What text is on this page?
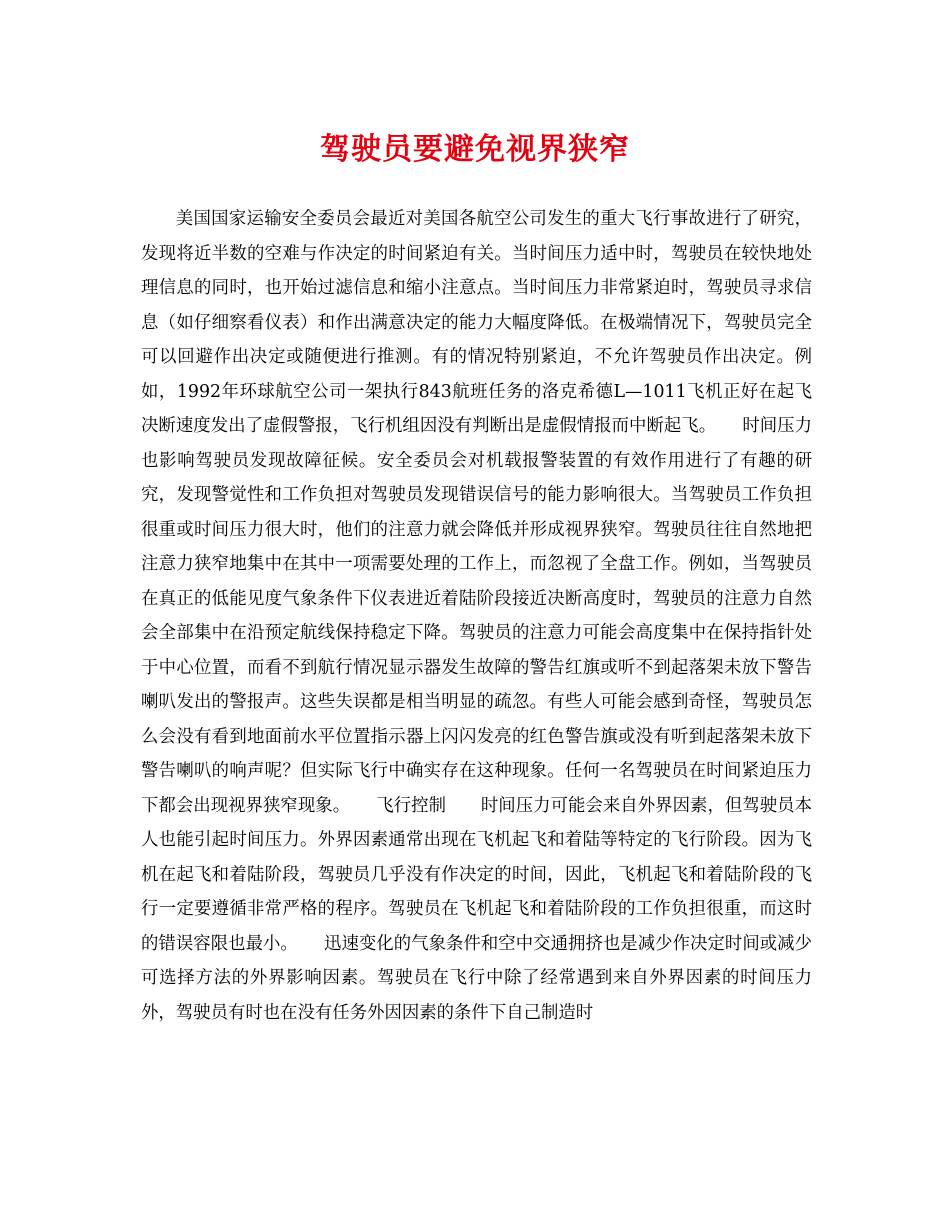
驾驶员要避免视界狭窄

美国国家运输安全委员会最近对美国各航空公司发生的重大飞行事故进行了研究，发现将近半数的空难与作决定的时间紧迫有关。当时间压力适中时，驾驶员在较快地处理信息的同时，也开始过滤信息和缩小注意点。当时间压力非常紧迫时，驾驶员寻求信息（如仔细察看仪表）和作出满意决定的能力大幅度降低。在极端情况下，驾驶员完全可以回避作出决定或随便进行推测。有的情况特别紧迫，不允许驾驶员作出决定。例如，1992年环球航空公司一架执行843航班任务的洛克希德L—1011飞机正好在起飞决断速度发出了虚假警报，飞行机组因没有判断出是虚假情报而中断起飞。　　时间压力也影响驾驶员发现故障征候。安全委员会对机载报警装置的有效作用进行了有趣的研究，发现警觉性和工作负担对驾驶员发现错误信号的能力影响很大。当驾驶员工作负担很重或时间压力很大时，他们的注意力就会降低并形成视界狭窄。驾驶员往往自然地把注意力狭窄地集中在其中一项需要处理的工作上，而忽视了全盘工作。例如，当驾驶员在真正的低能见度气象条件下仪表进近着陆阶段接近决断高度时，驾驶员的注意力自然会全部集中在沿预定航线保持稳定下降。驾驶员的注意力可能会高度集中在保持指针处于中心位置，而看不到航行情况显示器发生故障的警告红旗或听不到起落架未放下警告喇叭发出的警报声。这些失误都是相当明显的疏忽。有些人可能会感到奇怪，驾驶员怎么会没有看到地面前水平位置指示器上闪闪发亮的红色警告旗或没有听到起落架未放下警告喇叭的响声呢？但实际飞行中确实存在这种现象。任何一名驾驶员在时间紧迫压力下都会出现视界狭窄现象。　　飞行控制　　时间压力可能会来自外界因素，但驾驶员本人也能引起时间压力。外界因素通常出现在飞机起飞和着陆等特定的飞行阶段。因为飞机在起飞和着陆阶段，驾驶员几乎没有作决定的时间，因此，飞机起飞和着陆阶段的飞行一定要遵循非常严格的程序。驾驶员在飞机起飞和着陆阶段的工作负担很重，而这时的错误容限也最小。　　迅速变化的气象条件和空中交通拥挤也是减少作决定时间或减少可选择方法的外界影响因素。驾驶员在飞行中除了经常遇到来自外界因素的时间压力外，驾驶员有时也在没有任务外因因素的条件下自己制造时
